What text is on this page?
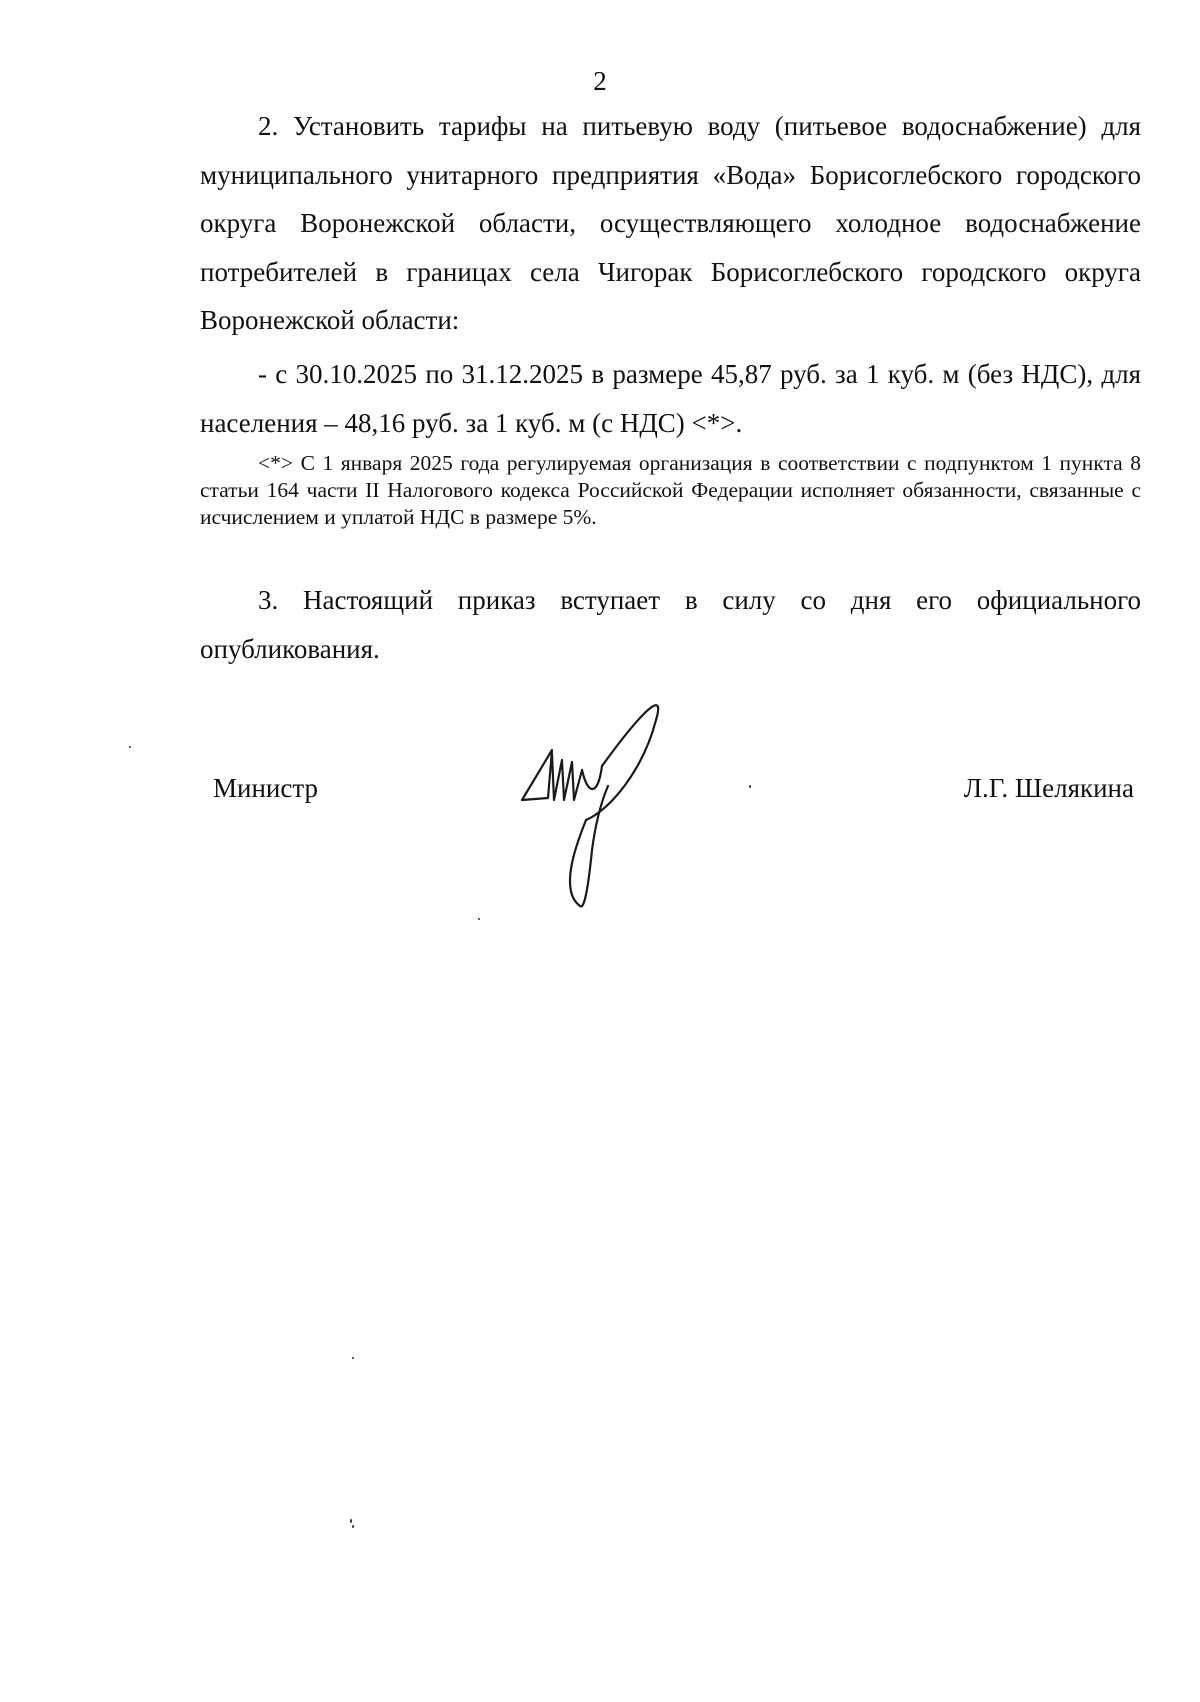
2

2. Установить тарифы на питьевую воду (питьевое водоснабжение) для муниципального унитарного предприятия «Вода» Борисоглебского городского округа Воронежской области, осуществляющего холодное водоснабжение потребителей в границах села Чигорак Борисоглебского городского округа Воронежской области:

- с 30.10.2025 по 31.12.2025 в размере 45,87 руб. за 1 куб. м (без НДС), для населения – 48,16 руб. за 1 куб. м (с НДС) <*>.

<*> С 1 января 2025 года регулируемая организация в соответствии с подпунктом 1 пункта 8 статьи 164 части II Налогового кодекса Российской Федерации исполняет обязанности, связанные с исчислением и уплатой НДС в размере 5%.

3. Настоящий приказ вступает в силу со дня его официального опубликования.

Министр	Л.Г. Шелякина
